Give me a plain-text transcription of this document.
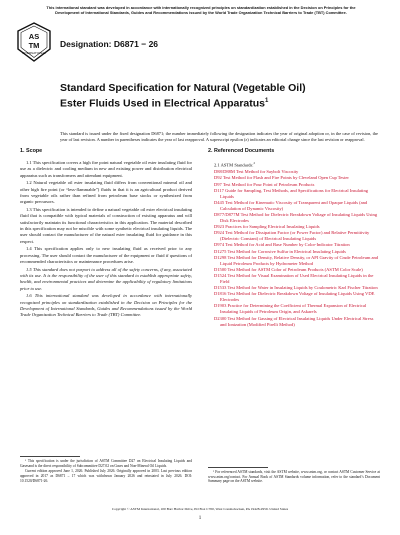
This international standard was developed in accordance with internationally recognized principles on standardization established in the Decision on Principles for the Development of International Standards, Guides and Recommendations issued by the World Trade Organization Technical Barriers to Trade (TBT) Committee.
AS
TM
INTERNATIONAL
Designation: D6871 − 26
Standard Specification for Natural (Vegetable Oil) Ester Fluids Used in Electrical Apparatus$^1$
This standard is issued under the fixed designation D6871; the number immediately following the designation indicates the year of original adoption or, in the case of revision, the year of last revision. A number in parentheses indicates the year of last reapproval. A superscript epsilon (ε) indicates an editorial change since the last revision or reapproval.
1. Scope

1.1 This specification covers a high fire point natural vegetable oil ester insulating fluid for use as a dielectric and cooling medium in new and existing power and distribution electrical apparatus such as transformers and attendant equipment.

1.2 Natural vegetable oil ester insulating fluid differs from conventional mineral oil and other high fire point (or “less-flammable”) fluids in that it is an agricultural product derived from vegetable oils rather than refined from petroleum base stocks or synthesized from organic precursors.

1.3 This specification is intended to define a natural vegetable oil ester electrical insulating fluid that is compatible with typical materials of construction of existing apparatus and will satisfactorily maintain its functional characteristics in this application. The material described in this specification may not be miscible with some synthetic electrical insulating liquids. The user should contact the manufacturer of the natural ester insulating fluid for guidance in this respect.

1.4 This specification applies only to new insulating fluid as received prior to any processing. The user should contact the manufacturer of the equipment or fluid if questions of recommended characteristics or maintenance procedures arise.

1.5 This standard does not purport to address all of the safety concerns, if any, associated with its use. It is the responsibility of the user of this standard to establish appropriate safety, health, and environmental practices and determine the applicability of regulatory limitations prior to use.

1.6 This international standard was developed in accordance with internationally recognized principles on standardization established in the Decision on Principles for the Development of International Standards, Guides and Recommendations issued by the World Trade Organization Technical Barriers to Trade (TBT) Committee.

2. Referenced Documents
2.1 ASTM Standards:$^2$
D88/D88M Test Method for Saybolt Viscosity
D92 Test Method for Flash and Fire Points by Cleveland Open Cup Tester
D97 Test Method for Pour Point of Petroleum Products
D117 Guide for Sampling, Test Methods, and Specifications for Electrical Insulating Liquids
D445 Test Method for Kinematic Viscosity of Transparent and Opaque Liquids (and Calculation of Dynamic Viscosity)
D877/D877M Test Method for Dielectric Breakdown Voltage of Insulating Liquids Using Disk Electrodes
D923 Practices for Sampling Electrical Insulating Liquids
D924 Test Method for Dissipation Factor (or Power Factor) and Relative Permittivity (Dielectric Constant) of Electrical Insulating Liquids
D974 Test Method for Acid and Base Number by Color-Indicator Titration
D1275 Test Method for Corrosive Sulfur in Electrical Insulating Liquids
D1298 Test Method for Density, Relative Density, or API Gravity of Crude Petroleum and Liquid Petroleum Products by Hydrometer Method
D1500 Test Method for ASTM Color of Petroleum Products (ASTM Color Scale)
D1524 Test Method for Visual Examination of Used Electrical Insulating Liquids in the Field
D1533 Test Method for Water in Insulating Liquids by Coulometric Karl Fischer Titration
D1816 Test Method for Dielectric Breakdown Voltage of Insulating Liquids Using VDE Electrodes
D1903 Practice for Determining the Coefficient of Thermal Expansion of Electrical Insulating Liquids of Petroleum Origin, and Askarels
D2300 Test Method for Gassing of Electrical Insulating Liquids Under Electrical Stress and Ionization (Modified Pirelli Method)

¹ This specification is under the jurisdiction of ASTM Committee D27 on Electrical Insulating Liquids and Gasesand is the direct responsibility of Subcommittee D27.02 on Gases and Non-Mineral Oil Liquids.

Current edition approved June 1, 2026. Published July 2026. Originally approved in 2003. Last previous edition approved in 2017 as D6871 – 17 which was withdrawn January 2026 and reinstated in July 2026. DOI: 10.1520/D6871-26.

² For referenced ASTM standards, visit the ASTM website, www.astm.org, or contact ASTM Customer Service at www.astm.org/contact. For Annual Book of ASTM Standards volume information, refer to the standard’s Document Summary page on the ASTM website.

Copyright © ASTM International, 100 Barr Harbor Drive, PO Box C700, West Conshohocken, PA 19428-2959. United States
1
